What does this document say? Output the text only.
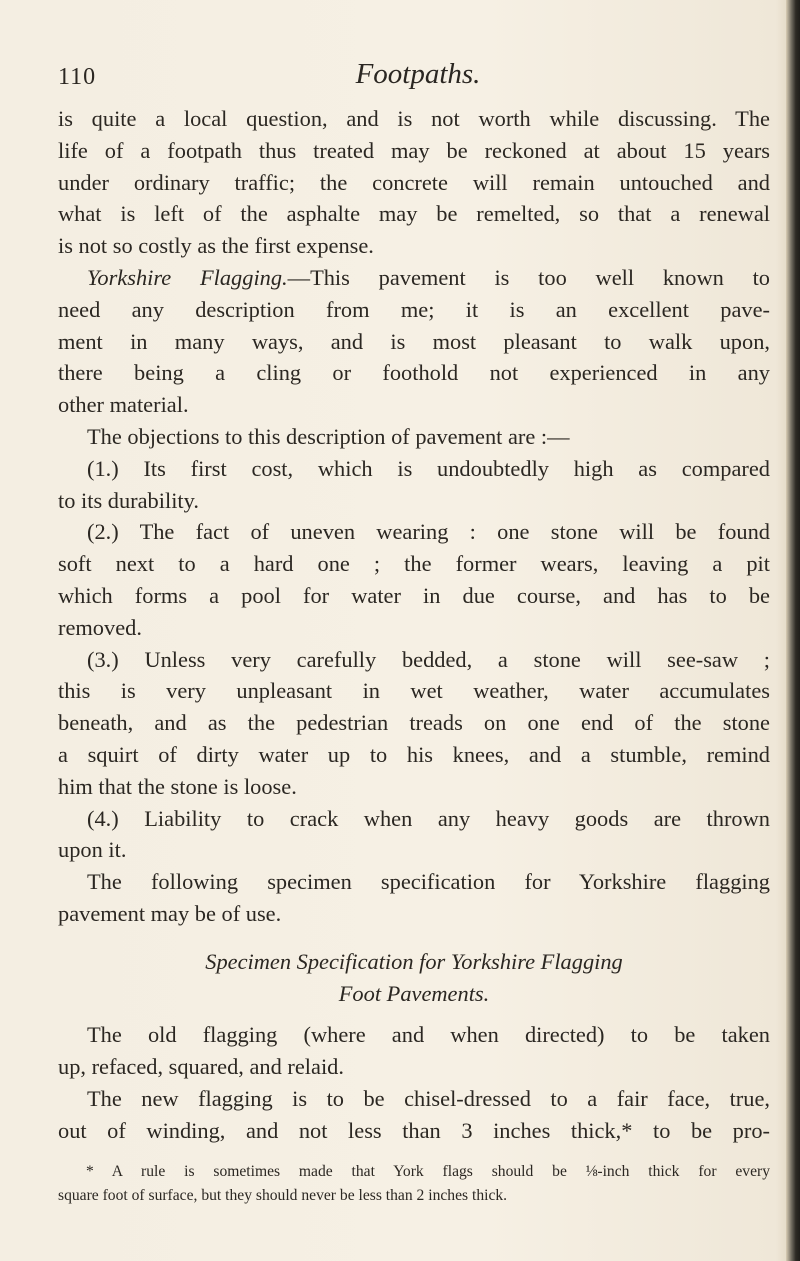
110	Footpaths.
is quite a local question, and is not worth while discussing. The
life of a footpath thus treated may be reckoned at about 15 years
under ordinary traffic; the concrete will remain untouched and
what is left of the asphalte may be remelted, so that a renewal
is not so costly as the first expense.
Yorkshire Flagging.—This pavement is too well known to
need any description from me; it is an excellent pave-
ment in many ways, and is most pleasant to walk upon,
there being a cling or foothold not experienced in any
other material.
The objections to this description of pavement are :—
(1.) Its first cost, which is undoubtedly high as compared
to its durability.
(2.) The fact of uneven wearing : one stone will be found
soft next to a hard one ; the former wears, leaving a pit
which forms a pool for water in due course, and has to be
removed.
(3.) Unless very carefully bedded, a stone will see-saw ;
this is very unpleasant in wet weather, water accumulates
beneath, and as the pedestrian treads on one end of the stone
a squirt of dirty water up to his knees, and a stumble, remind
him that the stone is loose.
(4.) Liability to crack when any heavy goods are thrown
upon it.
The following specimen specification for Yorkshire flagging
pavement may be of use.
Specimen Specification for Yorkshire Flagging
Foot Pavements.
The old flagging (where and when directed) to be taken
up, refaced, squared, and relaid.
The new flagging is to be chisel-dressed to a fair face, true,
out of winding, and not less than 3 inches thick,* to be pro-
* A rule is sometimes made that York flags should be ⅛-inch thick for every
square foot of surface, but they should never be less than 2 inches thick.
